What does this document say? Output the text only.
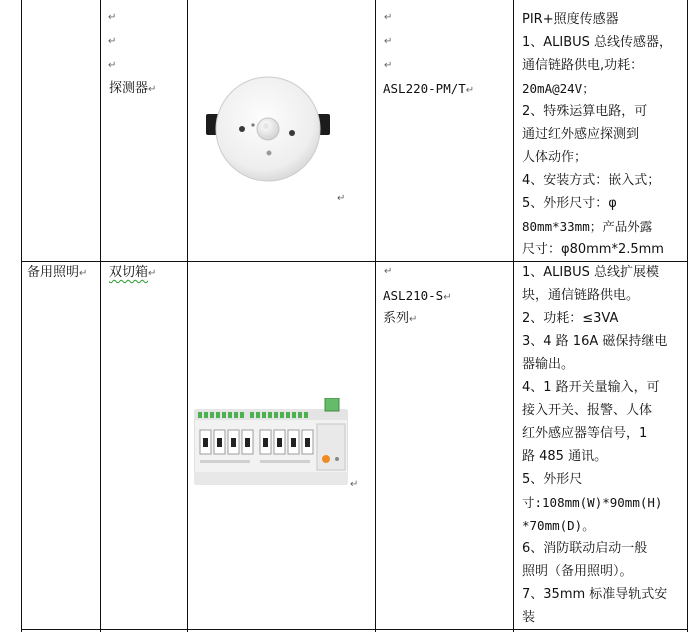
↵
↵
↵
探测器↵
↵
↵
↵
↵
ASL220-PM/T↵
PIR+照度传感器
1、ALIBUS 总线传感器，
通信链路供电,功耗：
20mA@24V；
2、特殊运算电路，可
通过红外感应探测到
人体动作；
4、安装方式：嵌入式；
5、外形尺寸：φ
80mm*33mm；产品外露
尺寸：φ80mm*2.5mm
备用照明↵ 双切箱↵
↵
↵
ASL210-S↵
系列↵
1、ALIBUS 总线扩展模
块，通信链路供电。
2、功耗：≤3VA
3、4 路 16A 磁保持继电
器输出。
4、1 路开关量输入，可
接入开关、报警、人体
红外感应器等信号，1
路 485 通讯。
5、外形尺
寸:108mm(W)*90mm(H)
*70mm(D)。
6、消防联动启动一般
照明（备用照明）。
7、35mm 标准导轨式安
装
